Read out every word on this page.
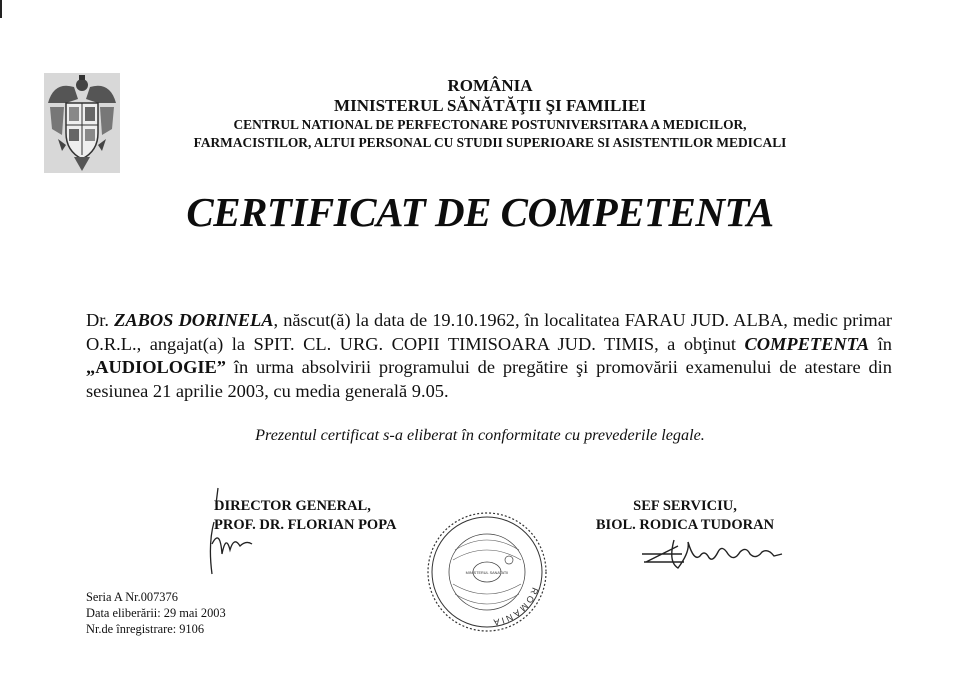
ROMÂNIA
MINISTERUL SĂNĂTĂŢII ŞI FAMILIEI
CENTRUL NATIONAL DE PERFECTONARE POSTUNIVERSITARA A MEDICILOR,
FARMACISTILOR, ALTUI PERSONAL CU STUDII SUPERIOARE SI ASISTENTILOR MEDICALI
CERTIFICAT DE COMPETENTA
Dr. ZABOS DORINELA, născut(ă) la data de 19.10.1962, în localitatea FARAU JUD. ALBA, medic primar O.R.L., angajat(a) la SPIT. CL. URG. COPII TIMISOARA JUD. TIMIS, a obţinut COMPETENTA în „AUDIOLOGIE” în urma absolvirii programului de pregătire şi promovării examenului de atestare din sesiunea 21 aprilie 2003, cu media generală 9.05.
Prezentul certificat s-a eliberat în conformitate cu prevederile legale.
DIRECTOR GENERAL,
PROF. DR. FLORIAN POPA
SEF SERVICIU,
BIOL. RODICA TUDORAN
ROMANIA
MINISTERUL SANATATII
Seria A Nr.007376
Data eliberării: 29 mai 2003
Nr.de înregistrare: 9106
